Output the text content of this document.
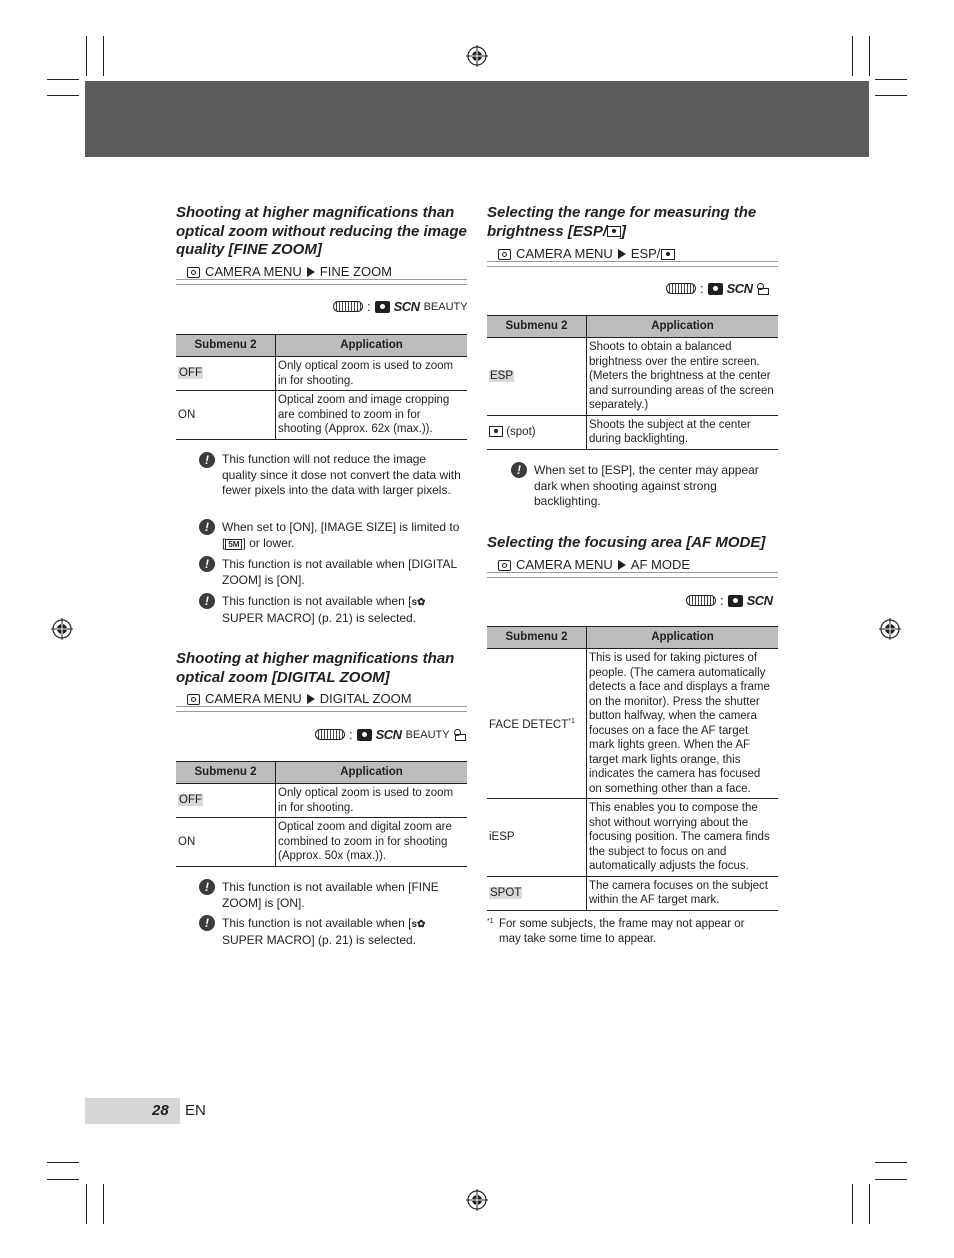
Shooting at higher magnifications than optical zoom without reducing the image quality [FINE ZOOM]
CAMERA MENU FINE ZOOM
: SCN BEAUTY
Submenu 2	Application
OFF	Only optical zoom is used to zoom in for shooting.
ON	Optical zoom and image cropping are combined to zoom in for shooting (Approx. 62x (max.)).
!	This function will not reduce the image quality since it dose not convert the data with fewer pixels into the data with larger pixels.
!	When set to [ON], [IMAGE SIZE] is limited to [ 5M ] or lower.
!	This function is not available when [DIGITAL ZOOM] is [ON].
!	This function is not available when [s✿ SUPER MACRO] (p. 21) is selected.
Shooting at higher magnifications than optical zoom [DIGITAL ZOOM]
CAMERA MENU DIGITAL ZOOM
: SCN BEAUTY
Submenu 2	Application
OFF	Only optical zoom is used to zoom in for shooting.
ON	Optical zoom and digital zoom are combined to zoom in for shooting (Approx. 50x (max.)).
!	This function is not available when [FINE ZOOM] is [ON].
!	This function is not available when [s✿ SUPER MACRO] (p. 21) is selected.
Selecting the range for measuring the brightness [ESP/ ]
CAMERA MENU ESP/
: SCN
Submenu 2	Application
ESP	Shoots to obtain a balanced brightness over the entire screen. (Meters the brightness at the center and surrounding areas of the screen separately.)
(spot)	Shoots the subject at the center during backlighting.
!	When set to [ESP], the center may appear dark when shooting against strong backlighting.
Selecting the focusing area [AF MODE]
CAMERA MENU AF MODE
: SCN
Submenu 2	Application
FACE DETECT$^{*1}$	This is used for taking pictures of people. (The camera automatically detects a face and displays a frame on the monitor). Press the shutter button halfway, when the camera focuses on a face the AF target mark lights green. When the AF target mark lights orange, this indicates the camera has focused on something other than a face.
iESP	This enables you to compose the shot without worrying about the focusing position. The camera finds the subject to focus on and automatically adjusts the focus.
SPOT	The camera focuses on the subject within the AF target mark.
*1 For some subjects, the frame may not appear or may take some time to appear.
28 EN
